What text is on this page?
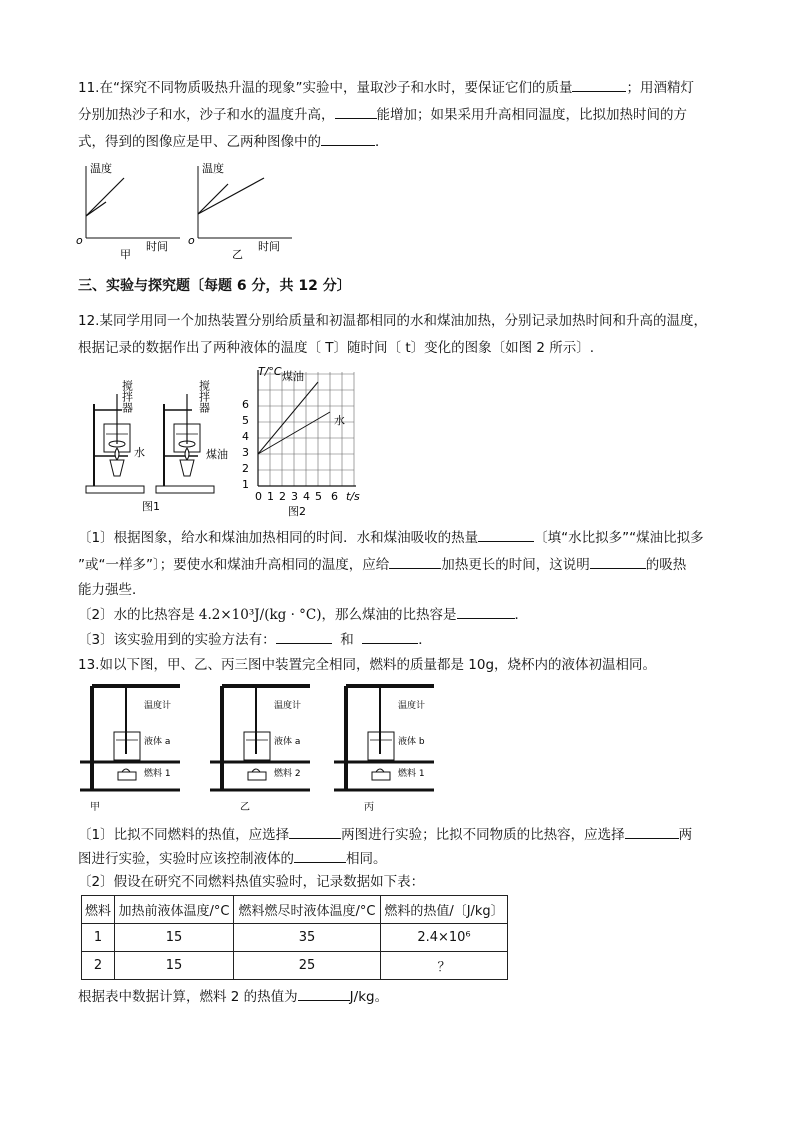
11.在“探究不同物质吸热升温的现象”实验中，量取沙子和水时，要保证它们的质量	；用酒精灯
分别加热沙子和水，沙子和水的温度升高，	能增加；如果采用升高相同温度，比拟加热时间的方
式，得到的图像应是甲、乙两种图像中的	．
温度
o	时间
甲
温度
o	时间
乙
三、实验与探究题〔每题 6 分，共 12 分〕
12.某同学用同一个加热装置分别给质量和初温都相同的水和煤油加热，分别记录加热时间和升高的温度，
根据记录的数据作出了两种液体的温度〔 T〕随时间〔 t〕变化的图象〔如图 2 所示〕.
搅拌器	搅拌器
水	煤油
图1
煤油
水
T/°C
6
5
4
3
2
1
0 1 2 3 4 5 6 t/s
图2
〔1〕根据图象，给水和煤油加热相同的时间．水和煤油吸收的热量	〔填“水比拟多”“煤油比拟多
”或“一样多”〕；要使水和煤油升高相同的温度，应给	加热更长的时间，这说明	的吸热
能力强些．
〔2〕水的比热容是 4.2×10³J/(kg · °C)，那么煤油的比热容是	．
〔3〕该实验用到的实验方法有：	和	．
13.如以下图，甲、乙、丙三图中装置完全相同，燃料的质量都是 10g，烧杯内的液体初温相同。
温度计
液体 a
燃料 1
甲
温度计
液体 a
燃料 2
乙
温度计
液体 b
燃料 1
丙
〔1〕比拟不同燃料的热值，应选择	两图进行实验；比拟不同物质的比热容，应选择	两
图进行实验，实验时应该控制液体的	相同。
〔2〕假设在研究不同燃料热值实验时，记录数据如下表：
燃料	加热前液体温度/°C	燃料燃尽时液体温度/°C	燃料的热值/〔J/kg〕
1	15	35	2.4×10⁶
2	15	25	？
根据表中数据计算，燃料 2 的热值为	J/kg。
